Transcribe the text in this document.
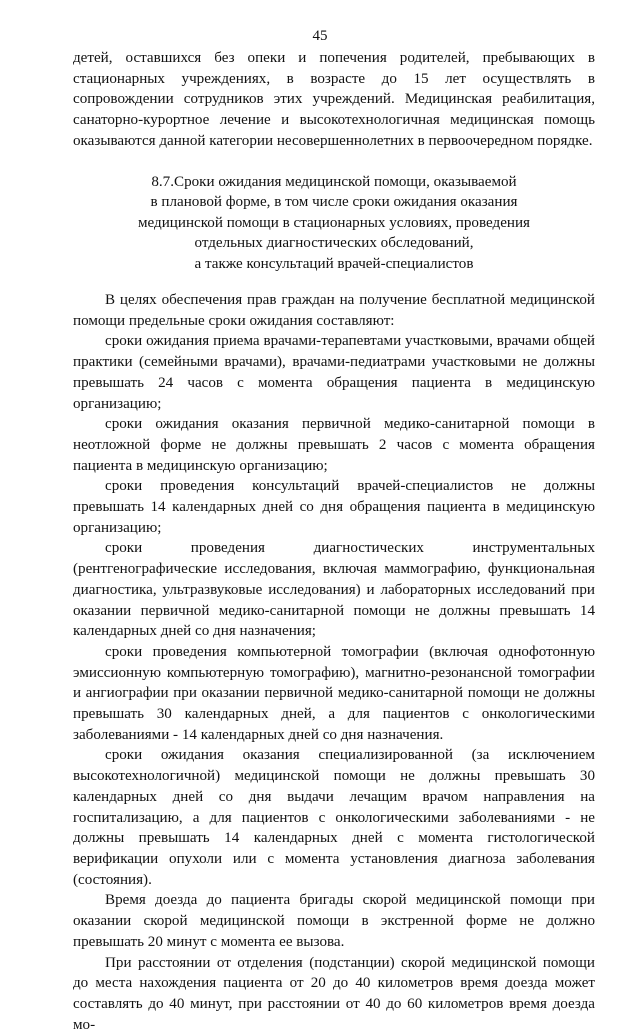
45

детей, оставшихся без опеки и попечения родителей, пребывающих в стационарных учреждениях, в возрасте до 15 лет осуществлять в сопровождении сотрудников этих учреждений. Медицинская реабилитация, санаторно-курортное лечение и высокотехнологичная медицинская помощь оказываются данной категории несовершеннолетних в первоочередном порядке.

8.7.Сроки ожидания медицинской помощи, оказываемой
в плановой форме, в том числе сроки ожидания оказания
медицинской помощи в стационарных условиях, проведения
отдельных диагностических обследований,
а также консультаций врачей-специалистов

В целях обеспечения прав граждан на получение бесплатной медицинской помощи предельные сроки ожидания составляют:

сроки ожидания приема врачами-терапевтами участковыми, врачами общей практики (семейными врачами), врачами-педиатрами участковыми не должны превышать 24 часов с момента обращения пациента в медицинскую организацию;

сроки ожидания оказания первичной медико-санитарной помощи в неотложной форме не должны превышать 2 часов с момента обращения пациента в медицинскую организацию;

сроки проведения консультаций врачей-специалистов не должны превышать 14 календарных дней со дня обращения пациента в медицинскую организацию;

сроки проведения диагностических инструментальных (рентгенографические исследования, включая маммографию, функциональная диагностика, ультразвуковые исследования) и лабораторных исследований при оказании первичной медико-санитарной помощи не должны превышать 14 календарных дней со дня назначения;

сроки проведения компьютерной томографии (включая однофотонную эмиссионную компьютерную томографию), магнитно-резонансной томографии и ангиографии при оказании первичной медико-санитарной помощи не должны превышать 30 календарных дней, а для пациентов с онкологическими заболеваниями - 14 календарных дней со дня назначения.

сроки ожидания оказания специализированной (за исключением высокотехнологичной) медицинской помощи не должны превышать 30 календарных дней со дня выдачи лечащим врачом направления на госпитализацию, а для пациентов с онкологическими заболеваниями - не должны превышать 14 календарных дней с момента гистологической верификации опухоли или с момента установления диагноза заболевания (состояния).

Время доезда до пациента бригады скорой медицинской помощи при оказании скорой медицинской помощи в экстренной форме не должно превышать 20 минут с момента ее вызова.

При расстоянии от отделения (подстанции) скорой медицинской помощи до места нахождения пациента от 20 до 40 километров время доезда может составлять до 40 минут, при расстоянии от 40 до 60 километров время доезда мо-
